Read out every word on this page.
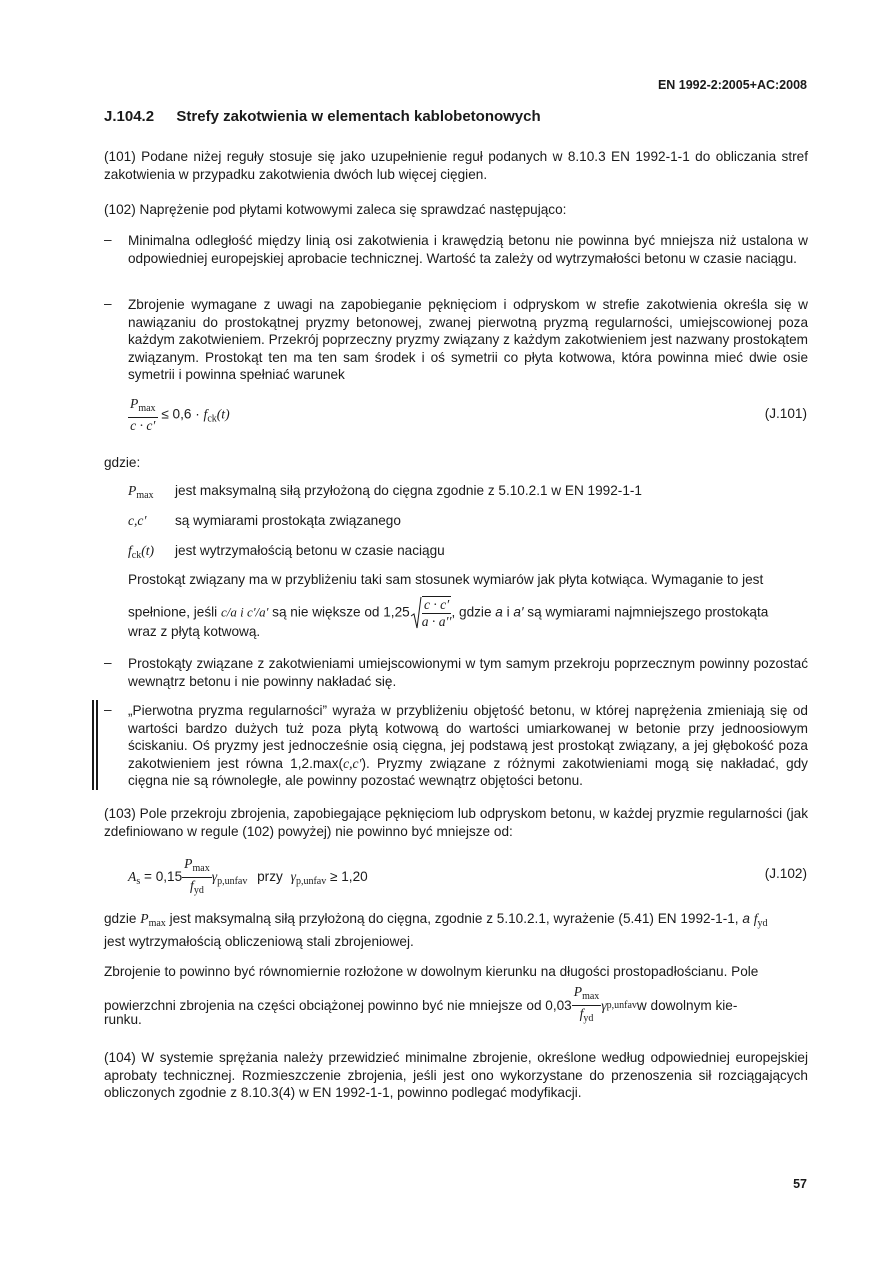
EN 1992-2:2005+AC:2008
J.104.2 Strefy zakotwienia w elementach kablobetonowych
(101) Podane niżej reguły stosuje się jako uzupełnienie reguł podanych w 8.10.3 EN 1992-1-1 do obliczania stref zakotwienia w przypadku zakotwienia dwóch lub więcej cięgien.
(102) Naprężenie pod płytami kotwowymi zaleca się sprawdzać następująco:
– Minimalna odległość między linią osi zakotwienia i krawędzią betonu nie powinna być mniejsza niż ustalona w odpowiedniej europejskiej aprobacie technicznej. Wartość ta zależy od wytrzymałości betonu w czasie naciągu.
– Zbrojenie wymagane z uwagi na zapobieganie pęknięciom i odpryskom w strefie zakotwienia określa się w nawiązaniu do prostokątnej pryzmy betonowej, zwanej pierwotną pryzmą regularności, umiejscowionej poza każdym zakotwieniem. Przekrój poprzeczny pryzmy związany z każdym zakotwieniem jest nazwany prostokątem związanym. Prostokąt ten ma ten sam środek i oś symetrii co płyta kotwowa, która powinna mieć dwie osie symetrii i powinna spełniać warunek
$\frac{P_{max}}{c \cdot c'} \le 0,6 \cdot f_{ck}(t)$	(J.101)
gdzie:
$P_{max}$ jest maksymalną siłą przyłożoną do cięgna zgodnie z 5.10.2.1 w EN 1992-1-1
c,c′ są wymiarami prostokąta związanego
$f_{ck}(t)$ jest wytrzymałością betonu w czasie naciągu
Prostokąt związany ma w przybliżeniu taki sam stosunek wymiarów jak płyta kotwiąca. Wymaganie to jest
spełnione, jeśli c/a i c'/a' są nie większe od $1,25 \frac{c \cdot c'}{a \cdot a''}$ , gdzie a i a′ są wymiarami najmniejszego prostokąta
wraz z płytą kotwową.
– Prostokąty związane z zakotwieniami umiejscowionymi w tym samym przekroju poprzecznym powinny pozostać wewnątrz betonu i nie powinny nakładać się.
– „Pierwotna pryzma regularności” wyraża w przybliżeniu objętość betonu, w której naprężenia zmieniają się od wartości bardzo dużych tuż poza płytą kotwową do wartości umiarkowanej w betonie przy jednoosiowym ściskaniu. Oś pryzmy jest jednocześnie osią cięgna, jej podstawą jest prostokąt związany, a jej głębokość poza zakotwieniem jest równa 1,2.max(c,c′). Pryzmy związane z różnymi zakotwieniami mogą się nakładać, gdy cięgna nie są równoległe, ale powinny pozostać wewnątrz objętości betonu.
(103) Pole przekroju zbrojenia, zapobiegające pęknięciom lub odpryskom betonu, w każdej pryzmie regularności (jak zdefiniowano w regule (102) powyżej) nie powinno być mniejsze od:
$A_s = 0,15 \frac{P_{max}}{f_{yd}} \gamma_{p,unfav}$ przy $\gamma_{p,unfav} \ge 1,20$	(J.102)
gdzie $P_{max}$ jest maksymalną siłą przyłożoną do cięgna, zgodnie z 5.10.2.1, wyrażenie (5.41) EN 1992-1-1, a $f_{yd}$
jest wytrzymałością obliczeniową stali zbrojeniowej.
Zbrojenie to powinno być równomiernie rozłożone w dowolnym kierunku na długości prostopadłościanu. Pole
powierzchni zbrojenia na części obciążonej powinno być nie mniejsze od $0,03 \frac{P_{max}}{f_{yd}}$ γ p,unfav w dowolnym kie-
runku.
(104) W systemie sprężania należy przewidzieć minimalne zbrojenie, określone według odpowiedniej europejskiej aprobaty technicznej. Rozmieszczenie zbrojenia, jeśli jest ono wykorzystane do przenoszenia sił rozciągających obliczonych zgodnie z 8.10.3(4) w EN 1992-1-1, powinno podlegać modyfikacji.
57
